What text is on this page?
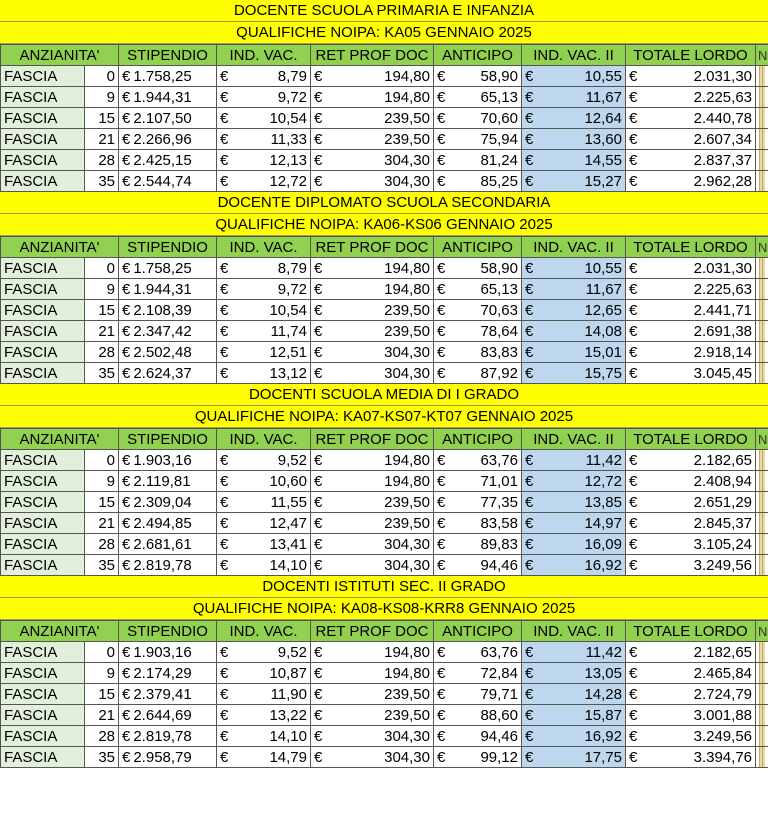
DOCENTE SCUOLA PRIMARIA E INFANZIA
QUALIFICHE NOIPA: KA05 GENNAIO 2025
ANZIANITA'		STIPENDIO	IND. VAC.	RET PROF DOC	ANTICIPO	IND. VAC. II	TOTALE LORDO	N
FASCIA	0	€ 1.758,25	€ 8,79	€ 194,80	€ 58,90	€ 10,55	€ 2.031,30	

FASCIA	9	€ 1.944,31	€ 9,72	€ 194,80	€ 65,13	€ 11,67	€ 2.225,63	

FASCIA	15	€ 2.107,50	€ 10,54	€ 239,50	€ 70,60	€ 12,64	€ 2.440,78	

FASCIA	21	€ 2.266,96	€ 11,33	€ 239,50	€ 75,94	€ 13,60	€ 2.607,34	

FASCIA	28	€ 2.425,15	€ 12,13	€ 304,30	€ 81,24	€ 14,55	€ 2.837,37	

FASCIA	35	€ 2.544,74	€ 12,72	€ 304,30	€ 85,25	€ 15,27	€ 2.962,28	

DOCENTE DIPLOMATO SCUOLA SECONDARIA
QUALIFICHE NOIPA: KA06-KS06 GENNAIO 2025
ANZIANITA'		STIPENDIO	IND. VAC.	RET PROF DOC	ANTICIPO	IND. VAC. II	TOTALE LORDO	N
FASCIA	0	€ 1.758,25	€ 8,79	€ 194,80	€ 58,90	€ 10,55	€ 2.031,30	

FASCIA	9	€ 1.944,31	€ 9,72	€ 194,80	€ 65,13	€ 11,67	€ 2.225,63	

FASCIA	15	€ 2.108,39	€ 10,54	€ 239,50	€ 70,63	€ 12,65	€ 2.441,71	

FASCIA	21	€ 2.347,42	€ 11,74	€ 239,50	€ 78,64	€ 14,08	€ 2.691,38	

FASCIA	28	€ 2.502,48	€ 12,51	€ 304,30	€ 83,83	€ 15,01	€ 2.918,14	

FASCIA	35	€ 2.624,37	€ 13,12	€ 304,30	€ 87,92	€ 15,75	€ 3.045,45	

DOCENTI SCUOLA MEDIA DI I GRADO
QUALIFICHE NOIPA: KA07-KS07-KT07 GENNAIO 2025
ANZIANITA'		STIPENDIO	IND. VAC.	RET PROF DOC	ANTICIPO	IND. VAC. II	TOTALE LORDO	N
FASCIA	0	€ 1.903,16	€ 9,52	€ 194,80	€ 63,76	€ 11,42	€ 2.182,65	

FASCIA	9	€ 2.119,81	€ 10,60	€ 194,80	€ 71,01	€ 12,72	€ 2.408,94	

FASCIA	15	€ 2.309,04	€ 11,55	€ 239,50	€ 77,35	€ 13,85	€ 2.651,29	

FASCIA	21	€ 2.494,85	€ 12,47	€ 239,50	€ 83,58	€ 14,97	€ 2.845,37	

FASCIA	28	€ 2.681,61	€ 13,41	€ 304,30	€ 89,83	€ 16,09	€ 3.105,24	

FASCIA	35	€ 2.819,78	€ 14,10	€ 304,30	€ 94,46	€ 16,92	€ 3.249,56	

DOCENTI ISTITUTI SEC. II GRADO
QUALIFICHE NOIPA: KA08-KS08-KRR8 GENNAIO 2025
ANZIANITA'		STIPENDIO	IND. VAC.	RET PROF DOC	ANTICIPO	IND. VAC. II	TOTALE LORDO	N
FASCIA	0	€ 1.903,16	€ 9,52	€ 194,80	€ 63,76	€ 11,42	€ 2.182,65	

FASCIA	9	€ 2.174,29	€ 10,87	€ 194,80	€ 72,84	€ 13,05	€ 2.465,84	

FASCIA	15	€ 2.379,41	€ 11,90	€ 239,50	€ 79,71	€ 14,28	€ 2.724,79	

FASCIA	21	€ 2.644,69	€ 13,22	€ 239,50	€ 88,60	€ 15,87	€ 3.001,88	

FASCIA	28	€ 2.819,78	€ 14,10	€ 304,30	€ 94,46	€ 16,92	€ 3.249,56	

FASCIA	35	€ 2.958,79	€ 14,79	€ 304,30	€ 99,12	€ 17,75	€ 3.394,76	
